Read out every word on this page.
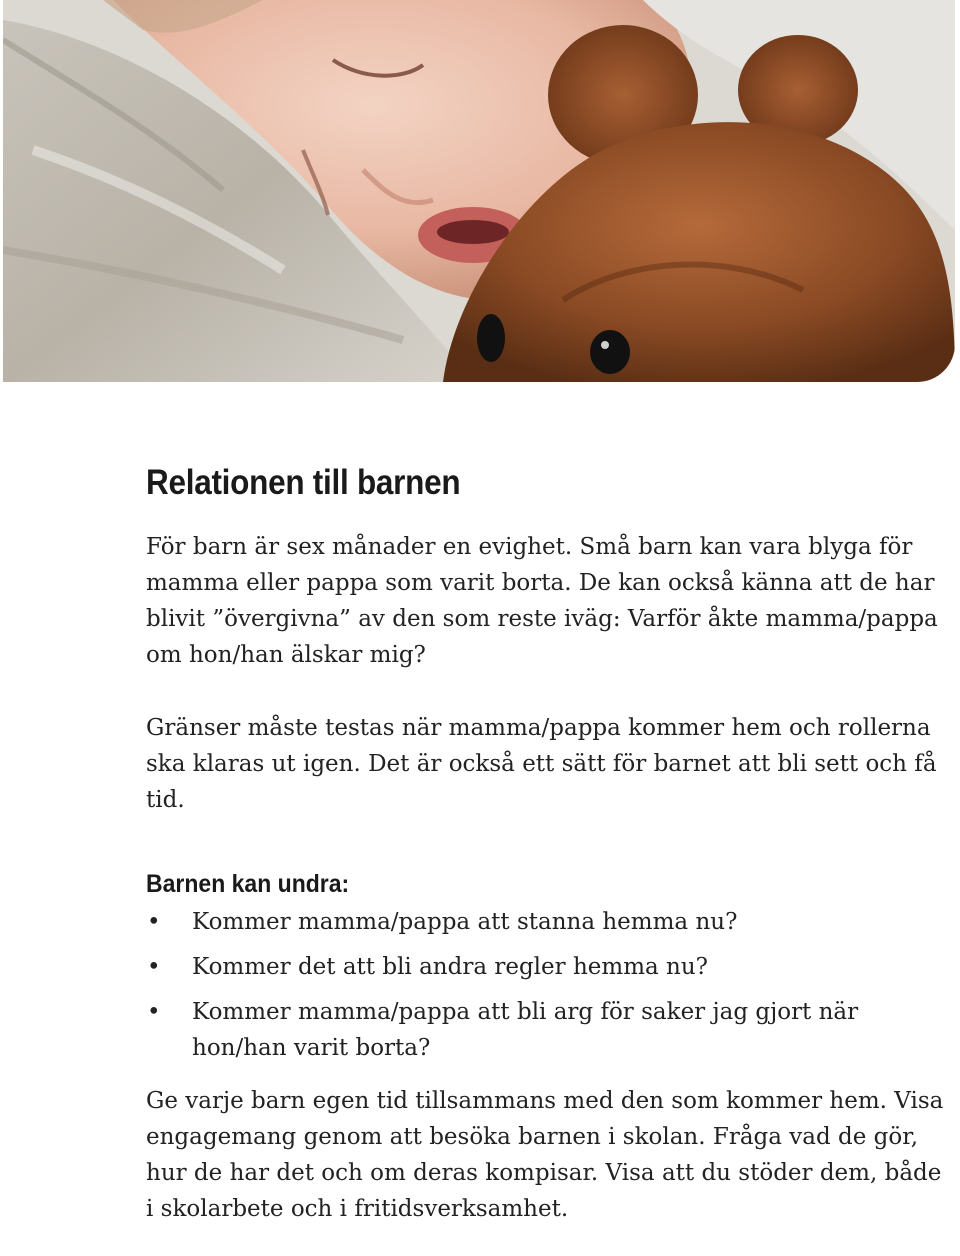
Relationen till barnen

För barn är sex månader en evighet. Små barn kan vara blyga för mamma eller pappa som varit borta. De kan också känna att de har blivit ”övergivna” av den som reste iväg: Varför åkte mamma/pappa om hon/han älskar mig?

Gränser måste testas när mamma/pappa kommer hem och rollerna ska klaras ut igen. Det är också ett sätt för barnet att bli sett och få tid.

Barnen kan undra:
• Kommer mamma/pappa att stanna hemma nu?
• Kommer det att bli andra regler hemma nu?
• Kommer mamma/pappa att bli arg för saker jag gjort när hon/han varit borta?

Ge varje barn egen tid tillsammans med den som kommer hem. Visa engagemang genom att besöka barnen i skolan. Fråga vad de gör, hur de har det och om deras kompisar. Visa att du stöder dem, både i skolarbete och i fritidsverksamhet.
